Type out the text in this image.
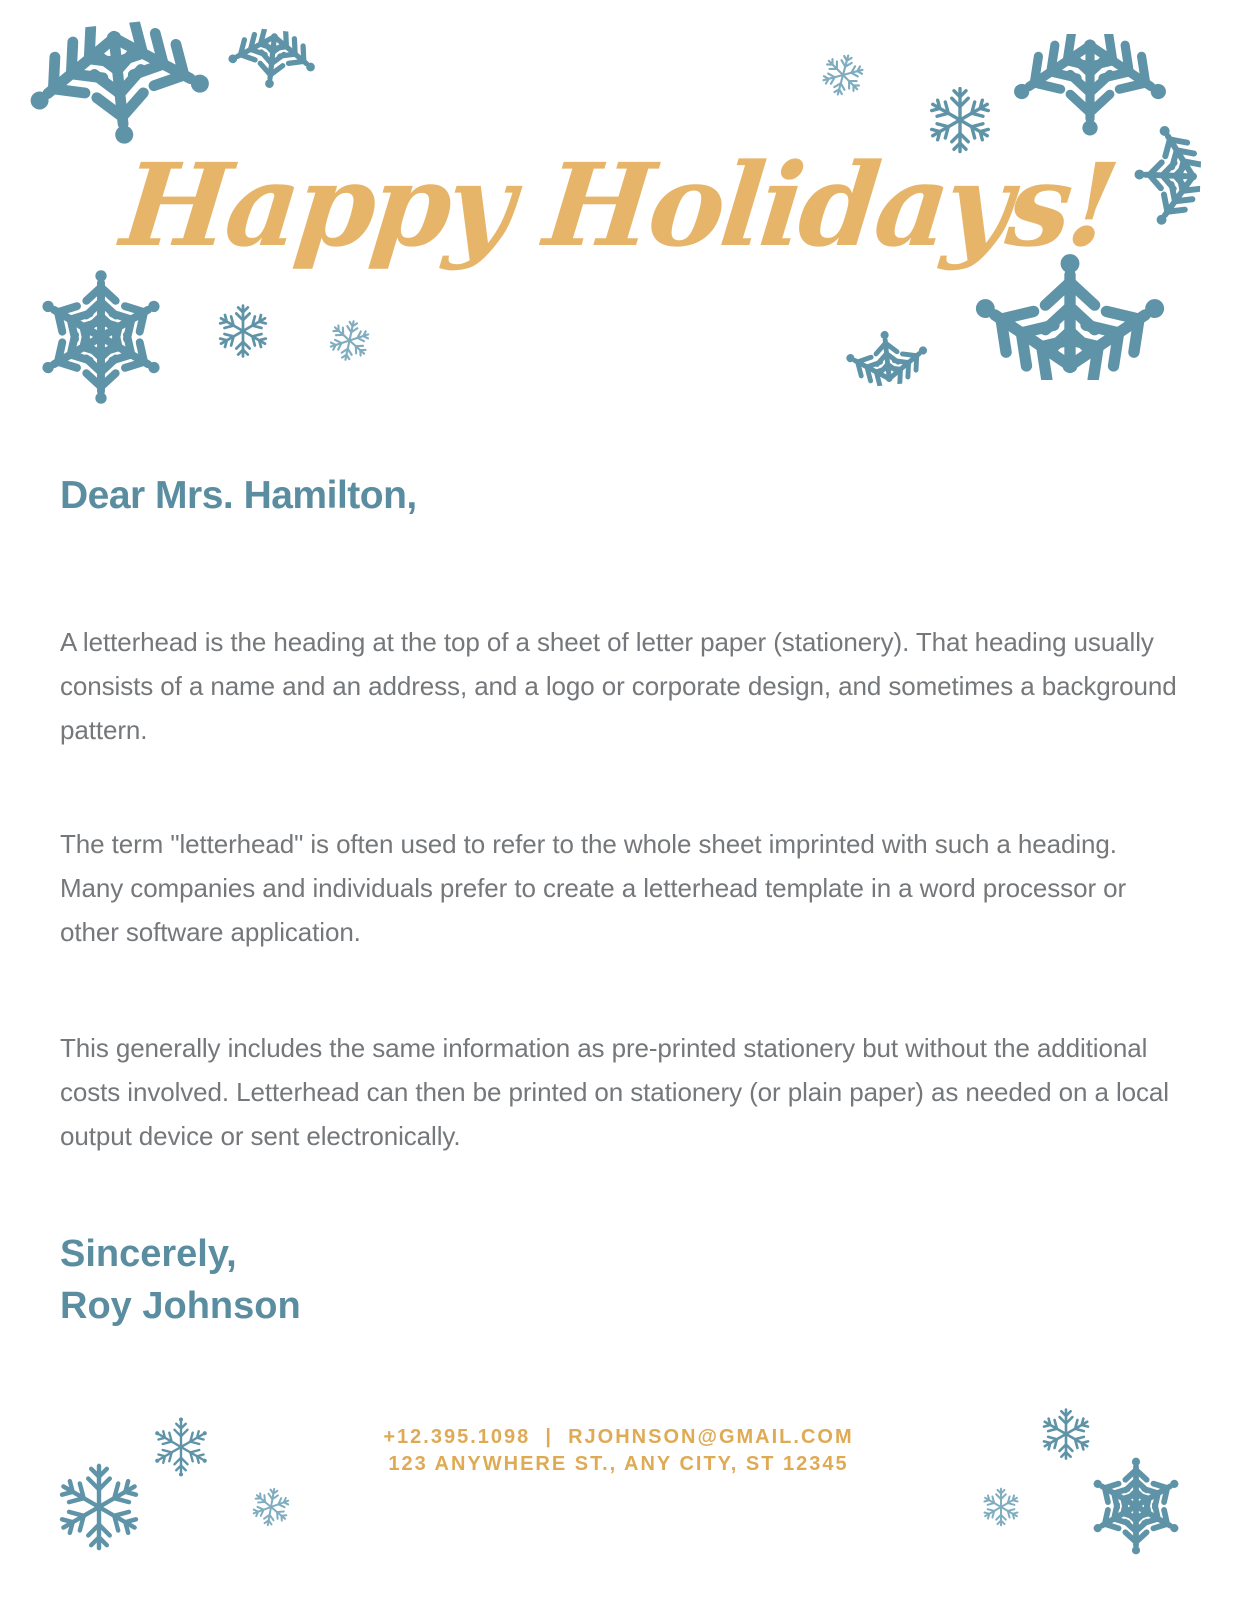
Happy Holidays!

Dear Mrs. Hamilton,

A letterhead is the heading at the top of a sheet of letter paper (stationery). That heading usually consists of a name and an address, and a logo or corporate design, and sometimes a background pattern.

The term "letterhead" is often used to refer to the whole sheet imprinted with such a heading. Many companies and individuals prefer to create a letterhead template in a word processor or other software application.

This generally includes the same information as pre-printed stationery but without the additional costs involved. Letterhead can then be printed on stationery (or plain paper) as needed on a local output device or sent electronically.

Sincerely,

Roy Johnson

+12.395.1098  |  RJOHNSON@GMAIL.COM
123 ANYWHERE ST., ANY CITY, ST 12345
